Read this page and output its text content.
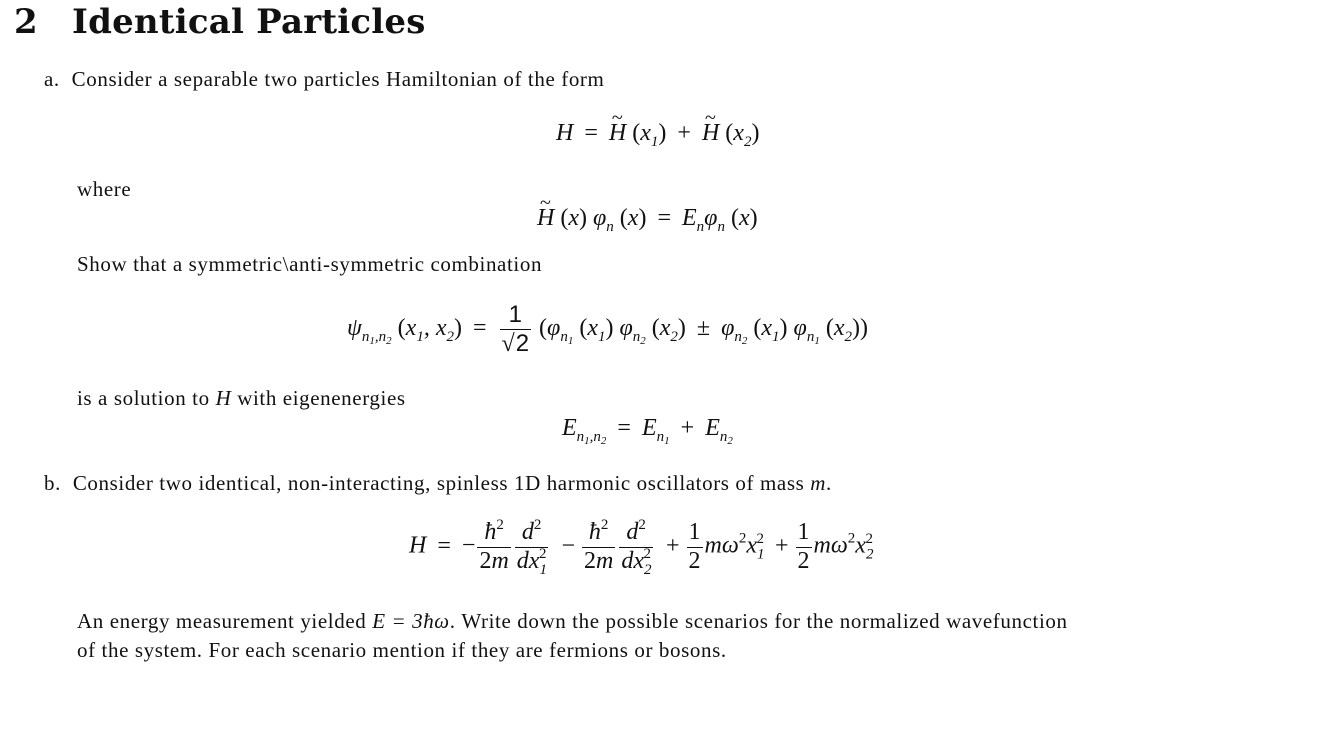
2 Identical Particles
a. Consider a separable two particles Hamiltonian of the form
H = H ~ $(x_1) + H$ ~ $(x_2)$
where
H ~ (x) $\varphi_n$ $(x) = E_n\varphi_n$ (x)
Show that a symmetric\anti-symmetric combination
$\psi_{n_1,n_2}$ ($x_1$, $x_2) = \frac{1}{√2} (\varphi_{n_1}$ $(x_1)$ $\varphi_{n_2}$ $(x_2) \pm \varphi_{n_2}$ $(x_1)$ $\varphi_{n_1}$ $(x_2)$)
is a solution to H with eigenenergies
$E_{n_1,n_2} = E_{n_1} + E_{n_2}$
b. Consider two identical, non-interacting, spinless 1D harmonic oscillators of mass m.
H = − $\frac{ħ^2}{2m} \frac{d^2}{dx_1^2} - \frac{ħ^2}{2m} \frac{d^2}{dx_2^2} + \frac{1}{2} m\omega^2x_1^2 + \frac{1}{2} m\omega^2x_2^2$
An energy measurement yielded E = 3ħω. Write down the possible scenarios for the normalized wavefunction
of the system. For each scenario mention if they are fermions or bosons.
